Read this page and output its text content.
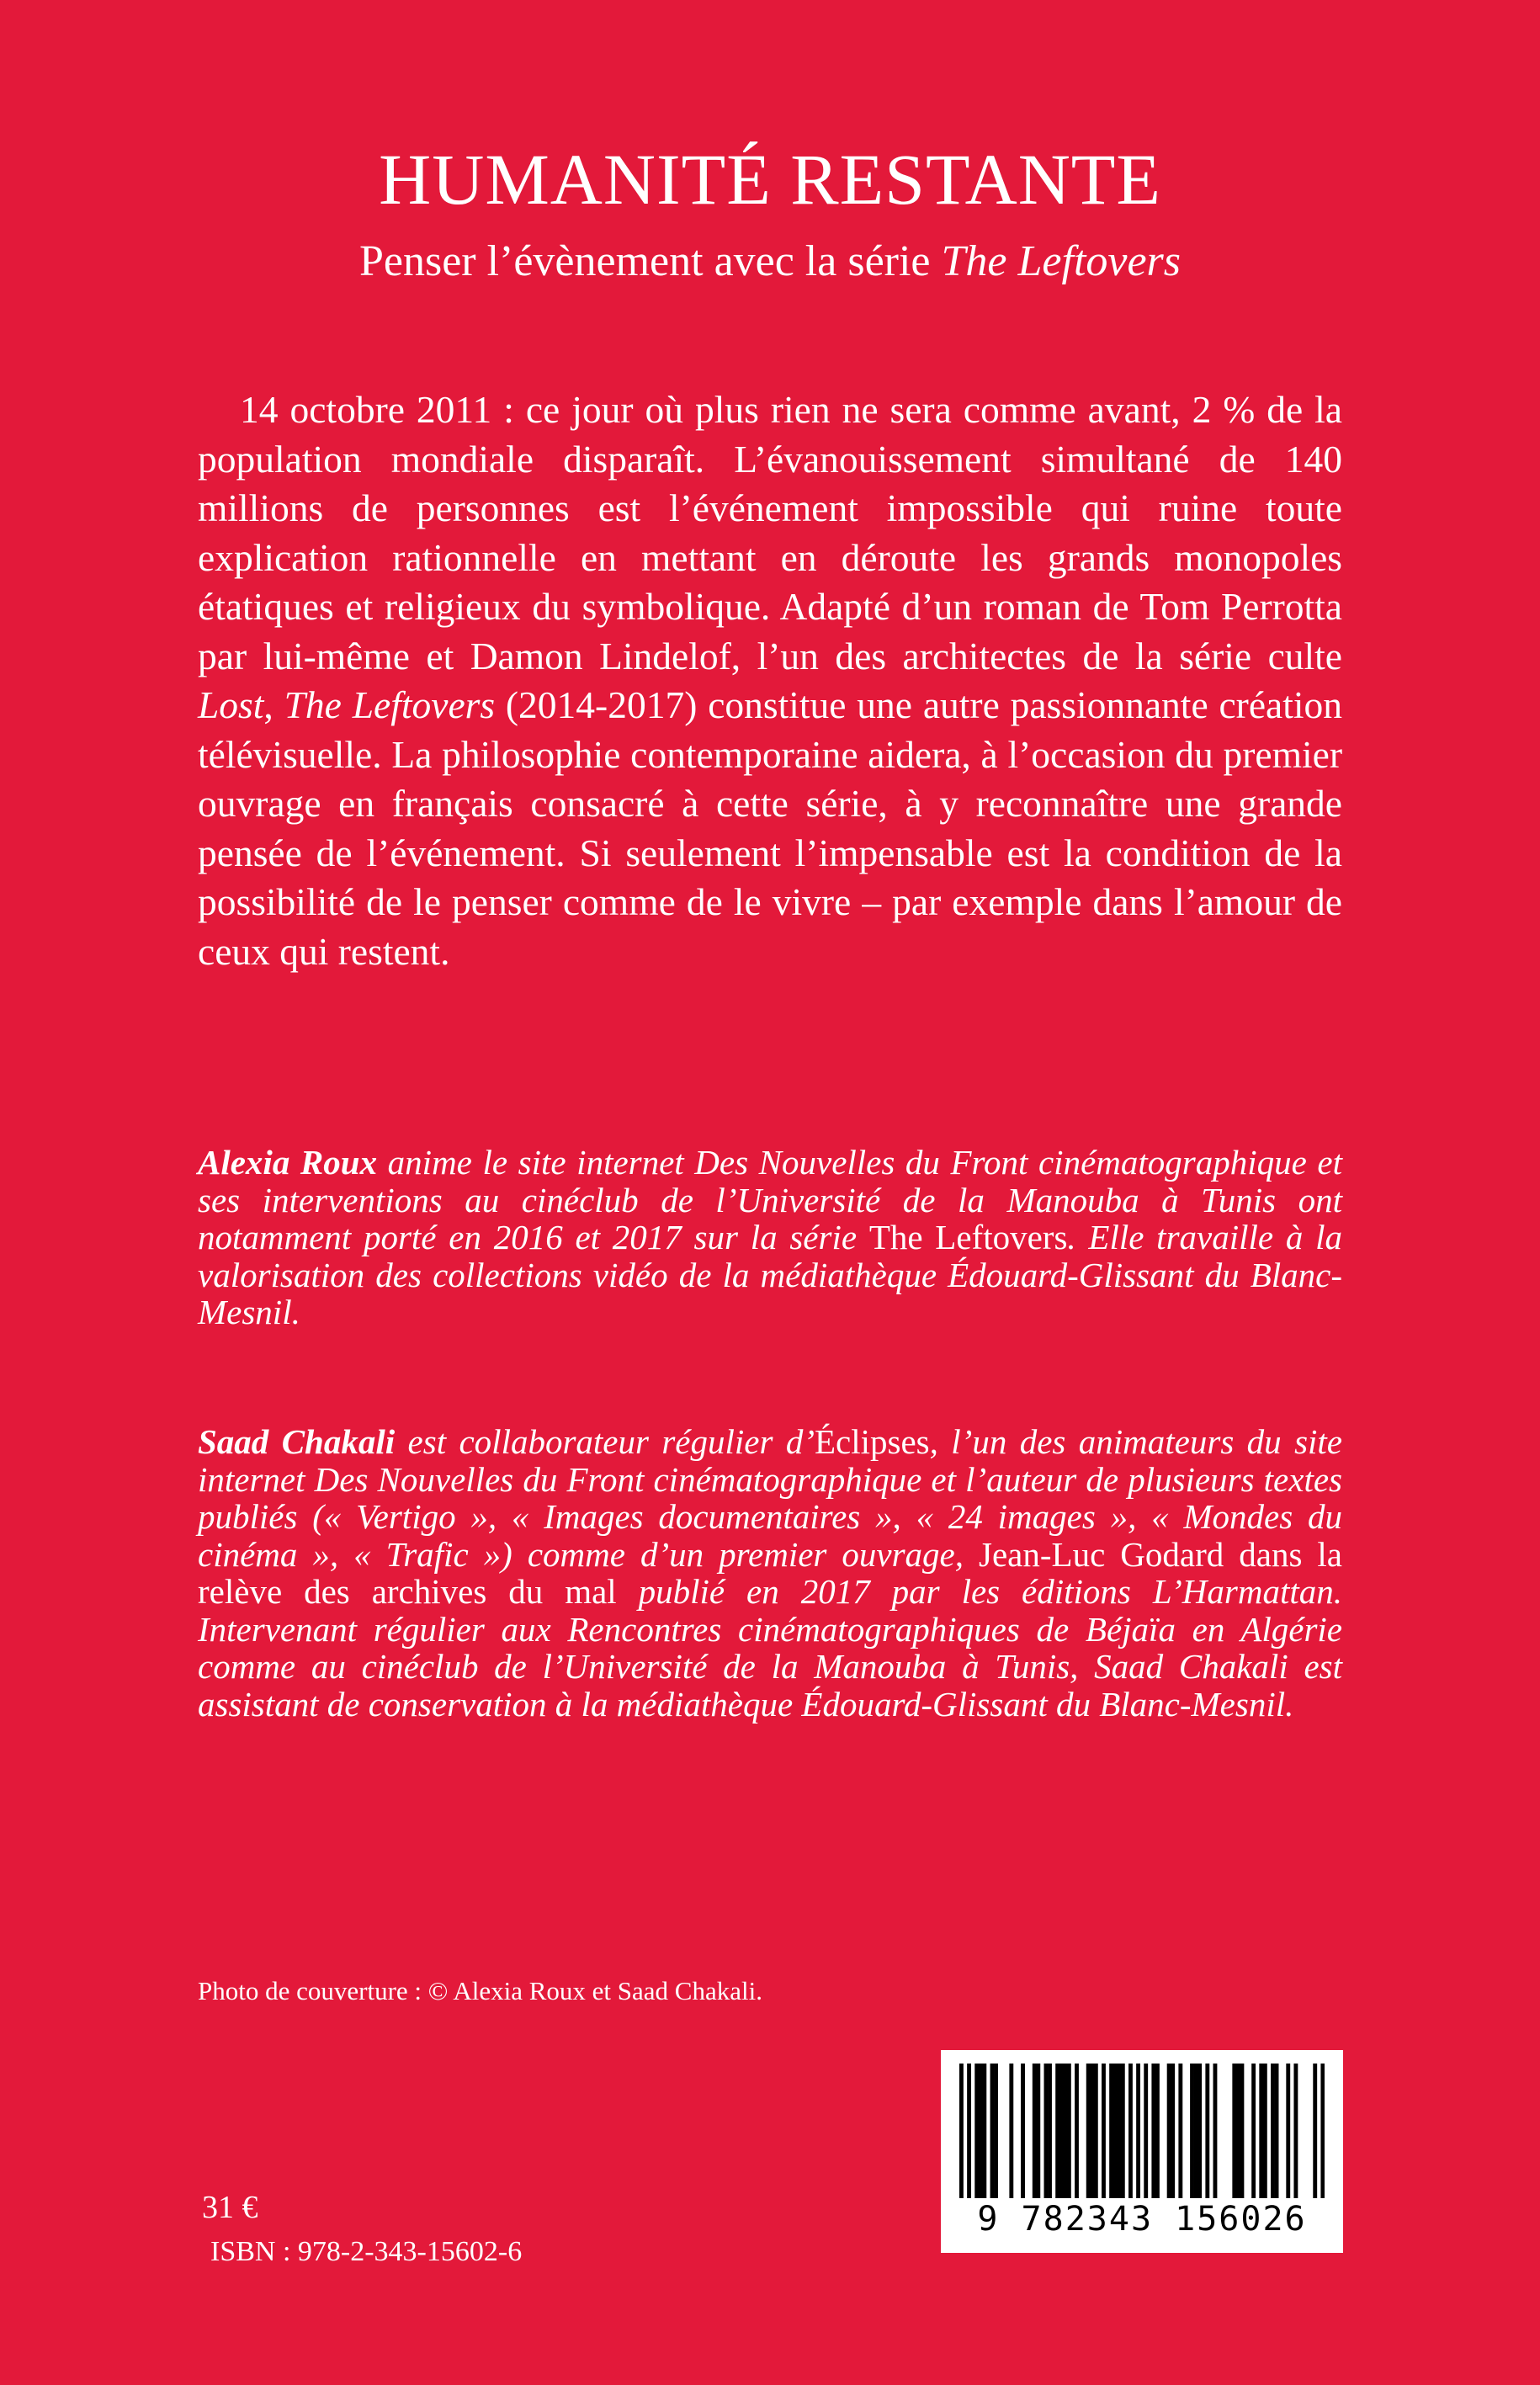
HUMANITÉ RESTANTE
Penser l’évènement avec la série The Leftovers

14 octobre 2011 : ce jour où plus rien ne sera comme avant, 2 % de la population mondiale disparaît. L’évanouissement simultané de 140 millions de personnes est l’événement impossible qui ruine toute explication rationnelle en mettant en déroute les grands monopoles étatiques et religieux du symbolique. Adapté d’un roman de Tom Perrotta par lui-même et Damon Lindelof, l’un des architectes de la série culte Lost, The Leftovers (2014-2017) constitue une autre passionnante création télévisuelle. La philosophie contemporaine aidera, à l’occasion du premier ouvrage en français consacré à cette série, à y reconnaître une grande pensée de l’événement. Si seulement l’impensable est la condition de la possibilité de le penser comme de le vivre – par exemple dans l’amour de ceux qui restent.

Alexia Roux anime le site internet Des Nouvelles du Front cinématographique et ses interventions au cinéclub de l’Université de la Manouba à Tunis ont notamment porté en 2016 et 2017 sur la série The Leftovers. Elle travaille à la valorisation des collections vidéo de la médiathèque Édouard-Glissant du Blanc-Mesnil.

Saad Chakali est collaborateur régulier d’Éclipses, l’un des animateurs du site internet Des Nouvelles du Front cinématographique et l’auteur de plusieurs textes publiés (« Vertigo », « Images documentaires », « 24 images », « Mondes du cinéma », « Trafic ») comme d’un premier ouvrage, Jean-Luc Godard dans la relève des archives du mal publié en 2017 par les éditions L’Harmattan. Intervenant régulier aux Rencontres cinématographiques de Béjaïa en Algérie comme au cinéclub de l’Université de la Manouba à Tunis, Saad Chakali est assistant de conservation à la médiathèque Édouard-Glissant du Blanc-Mesnil.

Photo de couverture : © Alexia Roux et Saad Chakali.
9 782343 156026
31 €
ISBN : 978-2-343-15602-6
